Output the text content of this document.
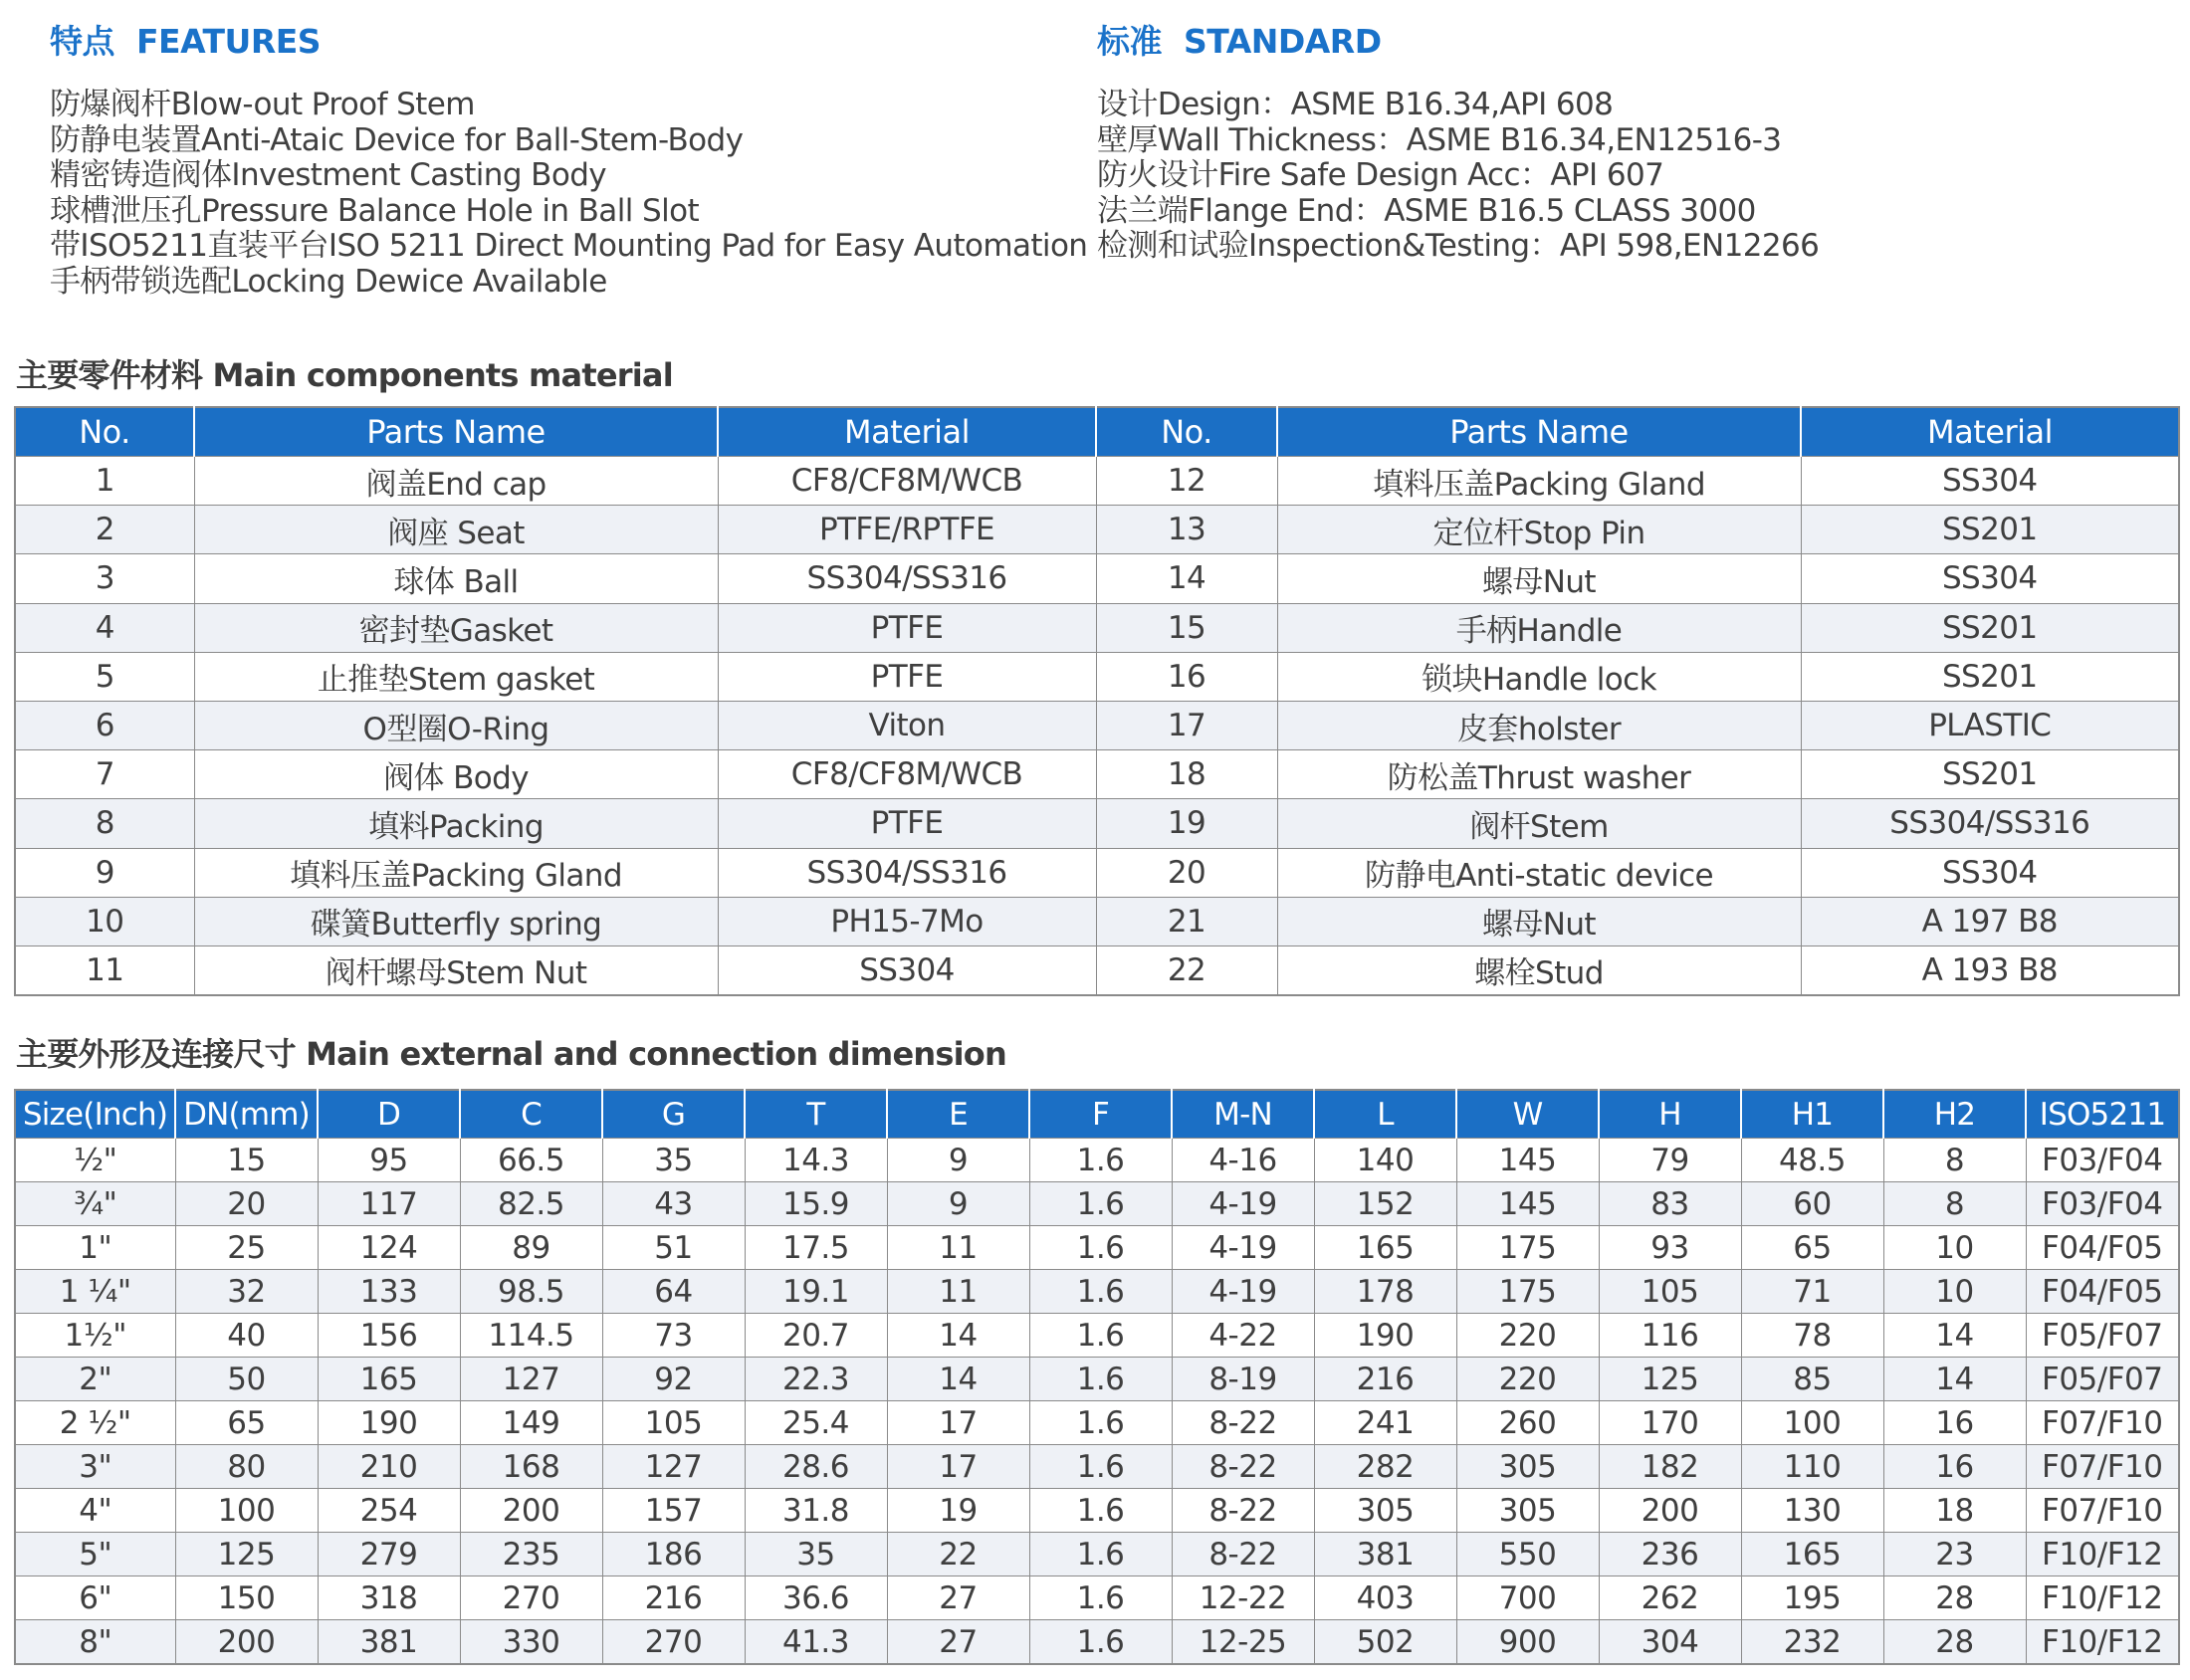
特点 FEATURES
防爆阀杆Blow-out Proof Stem
防静电装置Anti-Ataic Device for Ball-Stem-Body
精密铸造阀体Investment Casting Body
球槽泄压孔Pressure Balance Hole in Ball Slot
带ISO5211直装平台ISO 5211 Direct Mounting Pad for Easy Automation
手柄带锁选配Locking Dewice Available
标准 STANDARD
设计Design：ASME B16.34,API 608
壁厚Wall Thickness：ASME B16.34,EN12516-3
防火设计Fire Safe Design Acc：API 607
法兰端Flange End：ASME B16.5 CLASS 3000
检测和试验Inspection&Testing：API 598,EN12266
主要零件材料 Main components material
No.	Parts Name	Material	No.	Parts Name	Material
1	阀盖End cap	CF8/CF8M/WCB	12	填料压盖Packing Gland	SS304
2	阀座 Seat	PTFE/RPTFE	13	定位杆Stop Pin	SS201
3	球体 Ball	SS304/SS316	14	螺母Nut	SS304
4	密封垫Gasket	PTFE	15	手柄Handle	SS201
5	止推垫Stem gasket	PTFE	16	锁块Handle lock	SS201
6	O型圈O-Ring	Viton	17	皮套holster	PLASTIC
7	阀体 Body	CF8/CF8M/WCB	18	防松盖Thrust washer	SS201
8	填料Packing	PTFE	19	阀杆Stem	SS304/SS316
9	填料压盖Packing Gland	SS304/SS316	20	防静电Anti-static device	SS304
10	碟簧Butterfly spring	PH15-7Mo	21	螺母Nut	A 197 B8
11	阀杆螺母Stem Nut	SS304	22	螺栓Stud	A 193 B8
主要外形及连接尺寸 Main external and connection dimension
Size(Inch)	DN(mm)	D	C	G	T	E	F	M-N	L	W	H	H1	H2	ISO5211
½"	15	95	66.5	35	14.3	9	1.6	4-16	140	145	79	48.5	8	F03/F04
¾"	20	117	82.5	43	15.9	9	1.6	4-19	152	145	83	60	8	F03/F04
1"	25	124	89	51	17.5	11	1.6	4-19	165	175	93	65	10	F04/F05
1 ¼"	32	133	98.5	64	19.1	11	1.6	4-19	178	175	105	71	10	F04/F05
1½"	40	156	114.5	73	20.7	14	1.6	4-22	190	220	116	78	14	F05/F07
2"	50	165	127	92	22.3	14	1.6	8-19	216	220	125	85	14	F05/F07
2 ½"	65	190	149	105	25.4	17	1.6	8-22	241	260	170	100	16	F07/F10
3"	80	210	168	127	28.6	17	1.6	8-22	282	305	182	110	16	F07/F10
4"	100	254	200	157	31.8	19	1.6	8-22	305	305	200	130	18	F07/F10
5"	125	279	235	186	35	22	1.6	8-22	381	550	236	165	23	F10/F12
6"	150	318	270	216	36.6	27	1.6	12-22	403	700	262	195	28	F10/F12
8"	200	381	330	270	41.3	27	1.6	12-25	502	900	304	232	28	F10/F12
